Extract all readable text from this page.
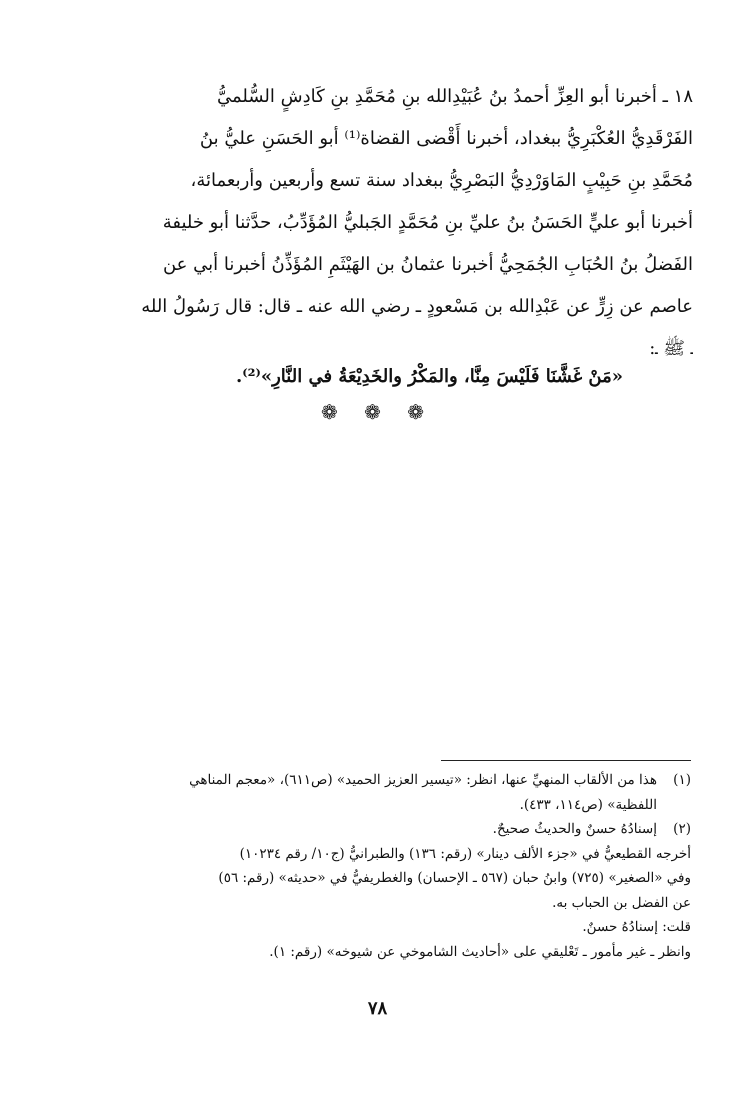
١٨ ـ أخبرنا أبو العِزِّ أحمدُ بنُ عُبَيْدِالله بنِ مُحَمَّدِ بنِ كَادِشٍ السُّلميُّ
الفَرْقَدِيُّ العُكْبَرِيُّ ببغداد، أخبرنا أَقْضى القضاة⁽¹⁾ أبو الحَسَنِ عليُّ بنُ
مُحَمَّدِ بنِ حَبِيْبٍ المَاوَرْدِيُّ البَصْرِيُّ ببغداد سنة تسع وأربعين وأربعمائة،
أخبرنا أبو عليٍّ الحَسَنُ بنُ عليِّ بنِ مُحَمَّدٍ الجَبليُّ المُؤَدِّبُ، حدَّثنا أبو خليفة
الفَضلُ بنُ الحُبَابِ الجُمَحِيُّ أخبرنا عثمانُ بن الهَيْثَمِ المُؤَذِّنُ أخبرنا أبي عن
عاصم عن زِرٍّ عن عَبْدِالله بن مَسْعودٍ ـ رضي الله عنه ـ قال: قال رَسُولُ الله
ـ ﷺ ـ:
«مَنْ غَشَّنَا فَلَيْسَ مِنَّا، والمَكْرُ والخَدِيْعَةُ في النَّارِ»⁽²⁾.
❁ ❁ ❁
(١)
هذا من الألقاب المنهيِّ عنها، انظر: «تيسير العزيز الحميد» (ص٦١١)، «معجم المناهي
اللفظية» (ص١١٤، ٤٣٣).
(٢)
إسنادُهُ حسنٌ والحديثُ صحيحٌ.
أخرجه القطيعيُّ في «جزء الألف دينار» (رقم: ١٣٦) والطبرانيُّ (ج١٠/ رقم ١٠٢٣٤)
وفي «الصغير» (٧٢٥) وابنُ حبان (٥٦٧ ـ الإحسان) والغطريفيُّ في «حديثه» (رقم: ٥٦)
عن الفضل بن الحباب به.
قلت: إسنادُهُ حسنٌ.
وانظر ـ غير مأمور ـ تَعْليقي على «أحاديث الشاموخي عن شيوخه» (رقم: ١).
٧٨
